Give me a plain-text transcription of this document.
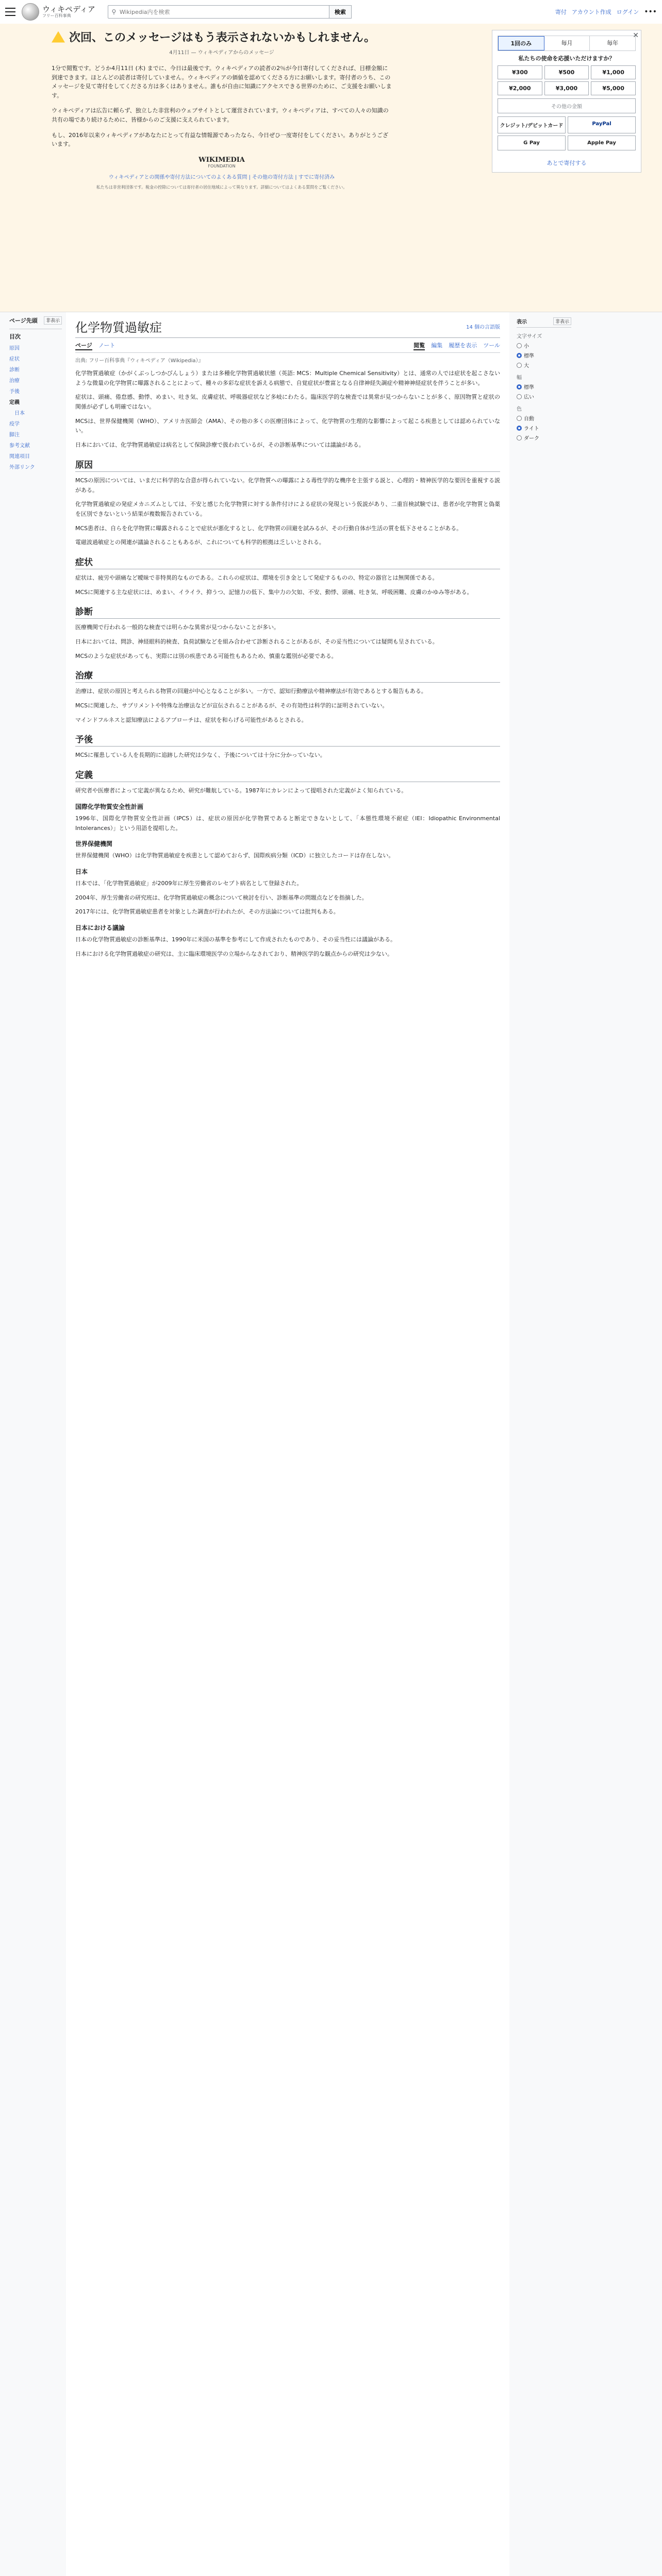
ウィキペディア
フリー百科事典
⚲
Wikipedia内を検索	検索	寄付 アカウント作成 ログイン •••
次回、このメッセージはもう表示されないかもしれません。
4月11日 — ウィキペディアからのメッセージ

1分で閲覧です。どうか4月11日 (木) までに、今日は最後です。ウィキペディアの読者の2％が今日寄付してくだされば、目標金額に到達できます。ほとんどの読者は寄付していません。ウィキペディアの価値を認めてくださる方にお願いします。寄付者のうち、このメッセージを見て寄付をしてくださる方は多くはありません。誰もが自由に知識にアクセスできる世界のために、ご支援をお願いします。

ウィキペディアは広告に頼らず、独立した非営利のウェブサイトとして運営されています。ウィキペディアは、すべての人々の知識の共有の場であり続けるために、皆様からのご支援に支えられています。

もし、2016年以来ウィキペディアがあなたにとって有益な情報源であったなら、今日ぜひ一度寄付をしてください。ありがとうございます。

WIKIMEDIA
FOUNDATION
ウィキペディアとの関係や寄付方法についてのよくある質問 | その他の寄付方法 | すでに寄付済み
私たちは非営利団体です。税金の控除については寄付者の居住地域によって異なります。詳細についてはよくある質問をご覧ください。
✕
1回のみ	毎月	毎年
私たちの使命を応援いただけますか？
¥300	¥500	¥1,000
¥2,000	¥3,000	¥5,000
その他の金額
クレジット/デビットカード	PayPal
G Pay	Apple Pay
あとで寄付する
ページ先頭	非表示
目次
原因
症状
診断
治療
予後
定義
日本
疫学
脚注
参考文献
関連項目
外部リンク
化学物質過敏症	14 個の言語版
ページ ノート	閲覧 編集 履歴を表示 ツール
出典: フリー百科事典『ウィキペディア（Wikipedia）』

化学物質過敏症（かがくぶっしつかびんしょう）または多種化学物質過敏状態（英語: MCS：Multiple Chemical Sensitivity）とは、通常の人では症状を起こさないような微量の化学物質に曝露されることによって、種々の多彩な症状を訴える病態で、自覚症状が豊富となる自律神経失調症や精神神経症状を伴うことが多い。

症状は、頭痛、倦怠感、動悸、めまい、吐き気、皮膚症状、呼吸器症状など多岐にわたる。臨床医学的な検査では異常が見つからないことが多く、原因物質と症状の関係が必ずしも明確ではない。

MCSは、世界保健機関（WHO）、アメリカ医師会（AMA）、その他の多くの医療団体によって、化学物質の生理的な影響によって起こる疾患としては認められていない。

日本においては、化学物質過敏症は病名として保険診療で扱われているが、その診断基準については議論がある。

原因

MCSの原因については、いまだに科学的な合意が得られていない。化学物質への曝露による毒性学的な機序を主張する説と、心理的・精神医学的な要因を重視する説がある。

化学物質過敏症の発症メカニズムとしては、不安と感じた化学物質に対する条件付けによる症状の発現という仮説があり、二重盲検試験では、患者が化学物質と偽薬を区別できないという結果が複数報告されている。

MCS患者は、自らを化学物質に曝露されることで症状が悪化するとし、化学物質の回避を試みるが、その行動自体が生活の質を低下させることがある。

電磁波過敏症との関連が議論されることもあるが、これについても科学的根拠は乏しいとされる。

症状

症状は、疲労や頭痛など曖昧で非特異的なものである。これらの症状は、環境を引き金として発症するものの、特定の器官とは無関係である。

MCSに関連する主な症状には、めまい、イライラ、抑うつ、記憶力の低下、集中力の欠如、不安、動悸、頭痛、吐き気、呼吸困難、皮膚のかゆみ等がある。

診断

医療機関で行われる一般的な検査では明らかな異常が見つからないことが多い。

日本においては、問診、神経眼科的検査、負荷試験などを組み合わせて診断されることがあるが、その妥当性については疑問も呈されている。

MCSのような症状があっても、実際には別の疾患である可能性もあるため、慎重な鑑別が必要である。

治療

治療は、症状の原因と考えられる物質の回避が中心となることが多い。一方で、認知行動療法や精神療法が有効であるとする報告もある。

MCSに関連した、サプリメントや特殊な治療法などが宣伝されることがあるが、その有効性は科学的に証明されていない。

マインドフルネスと認知療法によるアプローチは、症状を和らげる可能性があるとされる。

予後

MCSに罹患している人を長期的に追跡した研究は少なく、予後については十分に分かっていない。

定義

研究者や医療者によって定義が異なるため、研究が難航している。1987年にカレンによって提唱された定義がよく知られている。

国際化学物質安全性計画

1996年、国際化学物質安全性計画（IPCS）は、症状の原因が化学物質であると断定できないとして、「本態性環境不耐症（IEI：Idiopathic Environmental Intolerances）」という用語を提唱した。

世界保健機関

世界保健機関（WHO）は化学物質過敏症を疾患として認めておらず、国際疾病分類（ICD）に独立したコードは存在しない。

日本

日本では、「化学物質過敏症」が2009年に厚生労働省のレセプト病名として登録された。

2004年、厚生労働省の研究班は、化学物質過敏症の概念について検討を行い、診断基準の問題点などを指摘した。

2017年には、化学物質過敏症患者を対象とした調査が行われたが、その方法論については批判もある。

日本における議論

日本の化学物質過敏症の診断基準は、1990年に米国の基準を参考にして作成されたものであり、その妥当性には議論がある。

日本における化学物質過敏症の研究は、主に臨床環境医学の立場からなされており、精神医学的な観点からの研究は少ない。

表示	非表示
文字サイズ
小
標準
大
幅
標準
広い
色
自動
ライト
ダーク
